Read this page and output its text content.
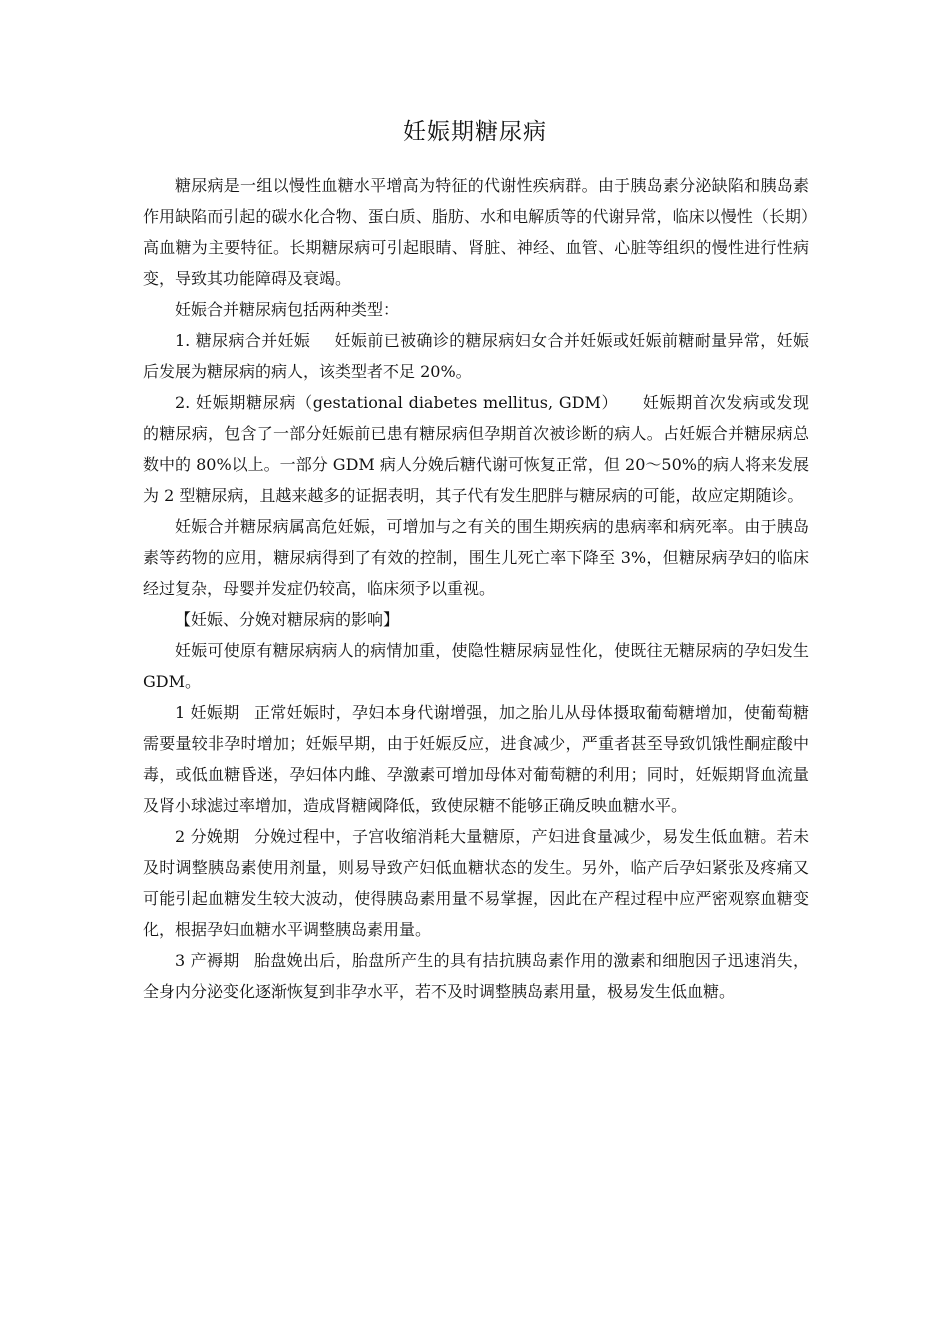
妊娠期糖尿病

糖尿病是一组以慢性血糖水平增高为特征的代谢性疾病群。由于胰岛素分泌缺陷和胰岛素作用缺陷而引起的碳水化合物、蛋白质、脂肪、水和电解质等的代谢异常，临床以慢性（长期）高血糖为主要特征。长期糖尿病可引起眼睛、肾脏、神经、血管、心脏等组织的慢性进行性病变，导致其功能障碍及衰竭。

妊娠合并糖尿病包括两种类型：

1. 糖尿病合并妊娠 妊娠前已被确诊的糖尿病妇女合并妊娠或妊娠前糖耐量异常，妊娠后发展为糖尿病的病人，该类型者不足 20%。

2. 妊娠期糖尿病（gestational diabetes mellitus, GDM） 妊娠期首次发病或发现的糖尿病，包含了一部分妊娠前已患有糖尿病但孕期首次被诊断的病人。占妊娠合并糖尿病总数中的 80%以上。一部分 GDM 病人分娩后糖代谢可恢复正常，但 20～50%的病人将来发展为 2 型糖尿病，且越来越多的证据表明，其子代有发生肥胖与糖尿病的可能，故应定期随诊。

妊娠合并糖尿病属高危妊娠，可增加与之有关的围生期疾病的患病率和病死率。由于胰岛素等药物的应用，糖尿病得到了有效的控制，围生儿死亡率下降至 3%，但糖尿病孕妇的临床经过复杂，母婴并发症仍较高，临床须予以重视。

【妊娠、分娩对糖尿病的影响】

妊娠可使原有糖尿病病人的病情加重，使隐性糖尿病显性化，使既往无糖尿病的孕妇发生 GDM。

1 妊娠期 正常妊娠时，孕妇本身代谢增强，加之胎儿从母体摄取葡萄糖增加，使葡萄糖需要量较非孕时增加；妊娠早期，由于妊娠反应，进食减少，严重者甚至导致饥饿性酮症酸中毒，或低血糖昏迷，孕妇体内雌、孕激素可增加母体对葡萄糖的利用；同时，妊娠期肾血流量及肾小球滤过率增加，造成肾糖阈降低，致使尿糖不能够正确反映血糖水平。

2 分娩期 分娩过程中，子宫收缩消耗大量糖原，产妇进食量减少，易发生低血糖。若未及时调整胰岛素使用剂量，则易导致产妇低血糖状态的发生。另外，临产后孕妇紧张及疼痛又可能引起血糖发生较大波动，使得胰岛素用量不易掌握，因此在产程过程中应严密观察血糖变化，根据孕妇血糖水平调整胰岛素用量。

3 产褥期 胎盘娩出后，胎盘所产生的具有拮抗胰岛素作用的激素和细胞因子迅速消失，全身内分泌变化逐渐恢复到非孕水平，若不及时调整胰岛素用量，极易发生低血糖。
